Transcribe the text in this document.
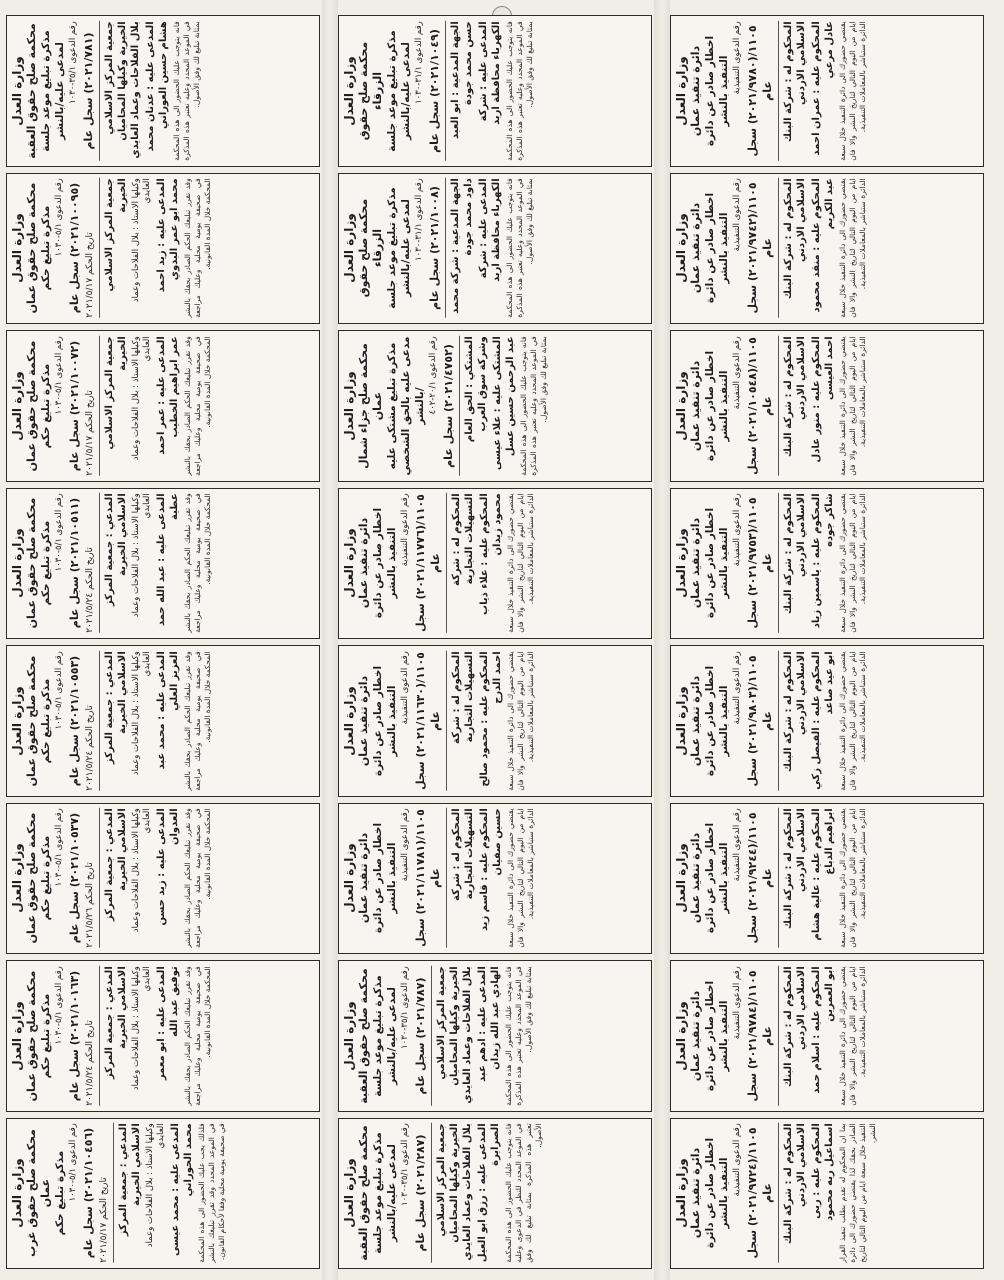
وزارة العدل محكمة صلح حقوق غرب عمان مذكرة تبليغ حكم رقم الدعوى ٥/١-١٠٣٠
(٢٠٢١/١٠٤٥٦) سجل عام
تاريخ الحكم ٢٠٢١/٥/١٧ المدعي : جمعية المركز الاسلامي الخيرية وكيلها الاستاذ : بلال الفلاحات وعماد العايدي المدعى عليه : محمد عيسى محمد الحوراني فلذلك يجب عليك الحضور الى هذه المحكمة في الموعد المحدد وقد تقرر تبليغك بالنشر في صحيفة يومية محلية وفقا لأحكام القانون.	وزارة العدل محكمة صلح حقوق العقبة مذكرة تبليغ موعد جلسة لمدعى عليه/بالنشر رقم الدعوى ٣٥/١-١٠٣٠
(٢٠٢١/٢٨٧) سجل عام جمعية المركز الاسلامي الخيرية وكيلها المحاميان بلال الفلاحات وعماد العايدي المدعى عليه : رزق ابو العيل الصرايرة فانه يتوجب عليك الحضور الى هذه المحكمة في الموعد المحدد للنظر في الدعوى وعليه تعتبر هذه المذكرة بمثابة تبليغ لك وفق الأصول.
وزارة العدل دائرة تنفيذ عمان اخطار صادر عن دائرة التنفيذ بالنشر رقم الدعوى التنفيذية
١١٠٥/(٢٠٢١/٩٧٢٤) سجل عام المحكوم له : شركة البنك الاسلامي الاردني المحكوم عليه : ربى اسماعيل ربه محمود بما ان المحكوم له تقدم بطلب تنفيذ القرار الصادر بحقك لذا يقتضي حضورك الى دائرة التنفيذ خلال سبعة ايام من اليوم التالي لتاريخ النشر.
وزارة العدل محكمة صلح حقوق عمان مذكرة تبليغ حكم رقم الدعوى ٥/١-١٠٣٠
(٢٠٢١/١٠١٦٣) سجل عام
تاريخ الحكم ٢٠٢١/٥/٢٤ المدعي : جمعية المركز الاسلامي الخيرية وكيلها الاستاذ : بلال الفلاحات وعماد العايدي المدعى عليه : ابو معمر توفيق عبد الله وقد تقرر تبليغك الحكم الصادر بحقك بالنشر في صحيفة يومية محلية وعليك مراجعة المحكمة خلال المدة القانونية.	وزارة العدل محكمة صلح حقوق العقبة مذكرة تبليغ موعد جلسة لمدعى عليه/بالنشر رقم الدعوى ٣٥/١-١٠٣٠
(٢٠٢١/٧٨٧) سجل عام جمعية المركز الاسلامي الخيرية وكيلها المحاميان بلال الفلاحات وعماد العايدي المدعى عليه : ادهم عبد الهادي عبد الله زيدان فانه يتوجب عليك الحضور الى هذه المحكمة في الموعد المحدد وعليه تعتبر هذه المذكرة بمثابة تبليغ لك وفق الأصول.	وزارة العدل دائرة تنفيذ عمان اخطار صادر عن دائرة التنفيذ بالنشر رقم الدعوى التنفيذية
١١٠٥/(٢٠٢١/٩٧٨٤) سجل عام المحكوم له : شركة البنك الاسلامي الاردني المحكوم عليه : اسلام حمد ابو العمرين يقتضي حضورك الى دائرة التنفيذ خلال سبعة ايام من اليوم التالي لتاريخ النشر والا فان الدائرة ستباشر بالمعاملات التنفيذية.
وزارة العدل محكمة صلح حقوق عمان مذكرة تبليغ حكم رقم الدعوى ٥/١-١٠٣٠
(٢٠٢١/١٠٥٣٧) سجل عام
تاريخ الحكم ٢٠٢١/٥/٢٦ المدعي : جمعية المركز الاسلامي الخيرية وكيلها الاستاذ : بلال الفلاحات وعماد العايدي المدعى عليه : زيد حسن العدوان وقد تقرر تبليغك الحكم الصادر بحقك بالنشر في صحيفة يومية محلية وعليك مراجعة المحكمة خلال المدة القانونية.	وزارة العدل دائرة تنفيذ عمان اخطار صادر عن دائرة التنفيذ بالنشر رقم الدعوى التنفيذية
١١٠٥/(٢٠٢١/١١٧٨١) سجل عام المحكوم له : شركة التسهيلات التجارية المحكوم عليه : قاسم زيد حسين صفيان يقتضي حضورك الى دائرة التنفيذ خلال سبعة ايام من اليوم التالي لتاريخ النشر والا فان الدائرة ستباشر بالمعاملات التنفيذية.	وزارة العدل دائرة تنفيذ عمان اخطار صادر عن دائرة التنفيذ بالنشر رقم الدعوى التنفيذية
١١٠٥/(٢٠٢١/٩٢٤٤) سجل عام المحكوم له : شركة البنك الاسلامي الاردني المحكوم عليه : عالية هشام ابراهيم الدباغ يقتضي حضورك الى دائرة التنفيذ خلال سبعة ايام من اليوم التالي لتاريخ النشر والا فان الدائرة ستباشر بالمعاملات التنفيذية.
وزارة العدل محكمة صلح حقوق عمان مذكرة تبليغ حكم رقم الدعوى ٥/١-١٠٣٠
(٢٠٢١/١٠٥٥٣) سجل عام
تاريخ الحكم ٢٠٢١/٥/٢٤ المدعي : جمعية المركز الاسلامي الخيرية وكيلها الاستاذ : بلال الفلاحات وعماد العايدي المدعى عليه : محمد عبد العزيز العلي وقد تقرر تبليغك الحكم الصادر بحقك بالنشر في صحيفة يومية محلية وعليك مراجعة المحكمة خلال المدة القانونية.	وزارة العدل دائرة تنفيذ عمان اخطار صادر عن دائرة التنفيذ بالنشر رقم الدعوى التنفيذية
١١٠٥/(٢٠٢١/١١٦٣٠) سجل عام المحكوم له : شركة التسهيلات التجارية المحكوم عليه : محمود صالح احمد الدرج يقتضي حضورك الى دائرة التنفيذ خلال سبعة ايام من اليوم التالي لتاريخ النشر والا فان الدائرة ستباشر بالمعاملات التنفيذية.	وزارة العدل دائرة تنفيذ عمان اخطار صادر عن دائرة التنفيذ بالنشر رقم الدعوى التنفيذية
١١٠٥/(٢٠٢١/٩٨٠٣) سجل عام المحكوم له : شركة البنك الاسلامي الاردني المحكوم عليه : الفيصل زكي ابو عيد صاعد يقتضي حضورك الى دائرة التنفيذ خلال سبعة ايام من اليوم التالي لتاريخ النشر والا فان الدائرة ستباشر بالمعاملات التنفيذية.
وزارة العدل محكمة صلح حقوق عمان مذكرة تبليغ حكم رقم الدعوى ٥/١-١٠٣٠
(٢٠٢١/١٠٥١١) سجل عام
تاريخ الحكم ٢٠٢١/٥/٢٤ المدعي : جمعية المركز الاسلامي الخيرية وكيلها الاستاذ : بلال الفلاحات وعماد العايدي المدعى عليه : عبد الله حمد عطية وقد تقرر تبليغك الحكم الصادر بحقك بالنشر في صحيفة يومية محلية وعليك مراجعة المحكمة خلال المدة القانونية.	وزارة العدل دائرة تنفيذ عمان اخطار صادر عن دائرة التنفيذ بالنشر رقم الدعوى التنفيذية
١١٠٥/(٢٠٢١/١١٧٧٦) سجل عام المحكوم له : شركة التسهيلات التجارية المحكوم عليه : علاء ذياب محمود زيدان يقتضي حضورك الى دائرة التنفيذ خلال سبعة ايام من اليوم التالي لتاريخ النشر والا فان الدائرة ستباشر بالمعاملات التنفيذية.	وزارة العدل دائرة تنفيذ عمان اخطار صادر عن دائرة التنفيذ بالنشر رقم الدعوى التنفيذية
١١٠٥/(٢٠٢١/٩٧٥٣) سجل عام المحكوم له : شركة البنك الاسلامي الاردني المحكوم عليه : ياسمين زياد شاكر جوده يقتضي حضورك الى دائرة التنفيذ خلال سبعة ايام من اليوم التالي لتاريخ النشر والا فان الدائرة ستباشر بالمعاملات التنفيذية.
وزارة العدل محكمة صلح حقوق عمان مذكرة تبليغ حكم رقم الدعوى ٥/١-١٠٣٠
(٢٠٢١/١٠٠٧٢) سجل عام
تاريخ الحكم ٢٠٢١/٥/١٧ جمعية المركز الاسلامي الخيرية وكيلها الاستاذ : بلال الفلاحات وعماد العايدي المدعى عليه : عمر احمد عمر ابراهيم الخطيب وقد تقرر تبليغك الحكم الصادر بحقك بالنشر في صحيفة يومية محلية وعليك مراجعة المحكمة خلال المدة القانونية.	وزارة العدل محكمة صلح جزاء شمال عمان مذكرة تبليغ مشتكى عليه مدعى عليه بالحق الشخصي /بالنشر رقم الدعوى ٢٠/١-٤٠٢
(٢٠٢١/٤٧٥٢) سجل عام المشتكي : الحق العام وشركة سوق العرب المشتكى عليه : علاء عيسى عبد الرحمن حسين عسل فانه يتوجب عليك الحضور الى هذه المحكمة في الموعد المحدد وعليه تعتبر هذه المذكرة بمثابة تبليغ لك وفق الأصول.	وزارة العدل دائرة تنفيذ عمان اخطار صادر عن دائرة التنفيذ بالنشر رقم الدعوى التنفيذية
١١٠٥/(٢٠٢١/١٠٥٤٨) سجل عام المحكوم له : شركة البنك الاسلامي الاردني المحكوم عليه : منور عادل احمد العيسى يقتضي حضورك الى دائرة التنفيذ خلال سبعة ايام من اليوم التالي لتاريخ النشر والا فان الدائرة ستباشر بالمعاملات التنفيذية.
وزارة العدل محكمة صلح حقوق عمان مذكرة تبليغ حكم رقم الدعوى ٥/١-١٠٣٠
(٢٠٢١/١٠٠٩٥) سجل عام
تاريخ الحكم ٢٠٢١/٥/١٧ جمعية المركز الاسلامي الخيرية وكيلها الاستاذ : بلال الفلاحات وعماد العايدي المدعى عليه : زيد احمد محمد ابو عمر البدوي وقد تقرر تبليغك الحكم الصادر بحقك بالنشر في صحيفة يومية محلية وعليك مراجعة المحكمة خلال المدة القانونية.	وزارة العدل محكمة صلح حقوق الزرقاء مذكرة تبليغ موعد جلسة لمدعى عليه/بالنشر رقم الدعوى ٣١/١-١٠٣٠
(٢٠٢١/١٠٠٨) سجل عام الجهة المدعية : شركة محمد داود محمد جودة المدعى عليه : شركة الكهرباء محافظة اربد فانه يتوجب عليك الحضور الى هذه المحكمة في الموعد المحدد وعليه تعتبر هذه المذكرة بمثابة تبليغ لك وفق الأصول.	وزارة العدل دائرة تنفيذ عمان اخطار صادر عن دائرة التنفيذ بالنشر رقم الدعوى التنفيذية
١١٠٥/(٢٠٢١/٩٧٤٢) سجل عام المحكوم له : شركة البنك الاسلامي الاردني المحكوم عليه : منقذ محمود عبد الكريم يقتضي حضورك الى دائرة التنفيذ خلال سبعة ايام من اليوم التالي لتاريخ النشر والا فان الدائرة ستباشر بالمعاملات التنفيذية.
وزارة العدل محكمة صلح حقوق العقبة مذكرة تبليغ موعد جلسة لمدعى عليه/بالنشر رقم الدعوى ٣٥/١-١٠٣٠
(٢٠٢١/٧٨١) سجل عام جمعية المركز الاسلامي الخيرية وكيلها المحاميان بلال الفلاحات وعماد العايدي المدعى عليه : عدنان محمد هشام حسين العوراني فانه يتوجب عليك الحضور الى هذه المحكمة في الموعد المحدد وعليه تعتبر هذه المذكرة بمثابة تبليغ لك وفق الأصول.	وزارة العدل محكمة صلح حقوق الزرقاء مذكرة تبليغ موعد جلسة لمدعى عليه/بالنشر رقم الدعوى ٣١/١-١٠٣٠
(٢٠٢١/١٠٤٩) سجل عام الجهة المدعية : ابو العبد حسن محمد جودة المدعى عليه : شركة الكهرباء محافظة اربد فانه يتوجب عليك الحضور الى هذه المحكمة في الموعد المحدد وعليه تعتبر هذه المذكرة بمثابة تبليغ لك وفق الأصول.	وزارة العدل دائرة تنفيذ عمان اخطار صادر عن دائرة التنفيذ بالنشر رقم الدعوى التنفيذية
١١٠٥/(٢٠٢١/٩٧٨٠) سجل عام المحكوم له : شركة البنك الاسلامي الاردني المحكوم عليه : عمران احمد عادل مرعي يقتضي حضورك الى دائرة التنفيذ خلال سبعة ايام من اليوم التالي لتاريخ النشر والا فان الدائرة ستباشر بالمعاملات التنفيذية.
